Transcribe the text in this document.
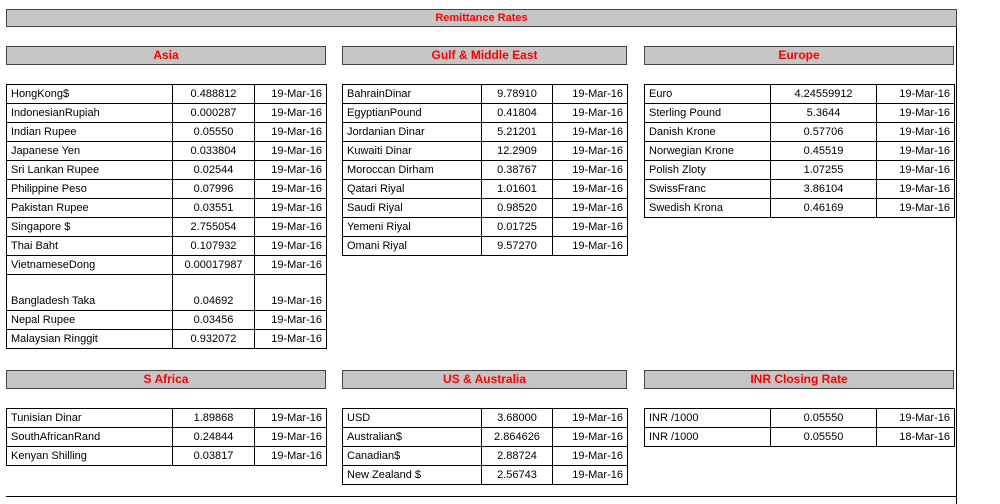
Remittance Rates
Asia	Gulf & Middle East	Europe
S Africa	US & Australia	INR Closing Rate
HongKong$	0.488812	19-Mar-16
IndonesianRupiah	0.000287	19-Mar-16
Indian Rupee	0.05550	19-Mar-16
Japanese Yen	0.033804	19-Mar-16
Sri Lankan Rupee	0.02544	19-Mar-16
Philippine Peso	0.07996	19-Mar-16
Pakistan Rupee	0.03551	19-Mar-16
Singapore $	2.755054	19-Mar-16
Thai Baht	0.107932	19-Mar-16
VietnameseDong	0.00017987	19-Mar-16
Bangladesh Taka	0.04692	19-Mar-16
Nepal Rupee	0.03456	19-Mar-16
Malaysian Ringgit	0.932072	19-Mar-16
BahrainDinar	9.78910	19-Mar-16
EgyptianPound	0.41804	19-Mar-16
Jordanian Dinar	5.21201	19-Mar-16
Kuwaiti Dinar	12.2909	19-Mar-16
Moroccan Dirham	0.38767	19-Mar-16
Qatari Riyal	1.01601	19-Mar-16
Saudi Riyal	0.98520	19-Mar-16
Yemeni Riyal	0.01725	19-Mar-16
Omani Riyal	9.57270	19-Mar-16
Euro	4.24559912	19-Mar-16
Sterling Pound	5.3644	19-Mar-16
Danish Krone	0.57706	19-Mar-16
Norwegian Krone	0.45519	19-Mar-16
Polish Zloty	1.07255	19-Mar-16
SwissFranc	3.86104	19-Mar-16
Swedish Krona	0.46169	19-Mar-16
Tunisian Dinar	1.89868	19-Mar-16
SouthAfricanRand	0.24844	19-Mar-16
Kenyan Shilling	0.03817	19-Mar-16
USD	3.68000	19-Mar-16
Australian$	2.864626	19-Mar-16
Canadian$	2.88724	19-Mar-16
New Zealand $	2.56743	19-Mar-16
INR /1000	0.05550	19-Mar-16
INR /1000	0.05550	18-Mar-16
